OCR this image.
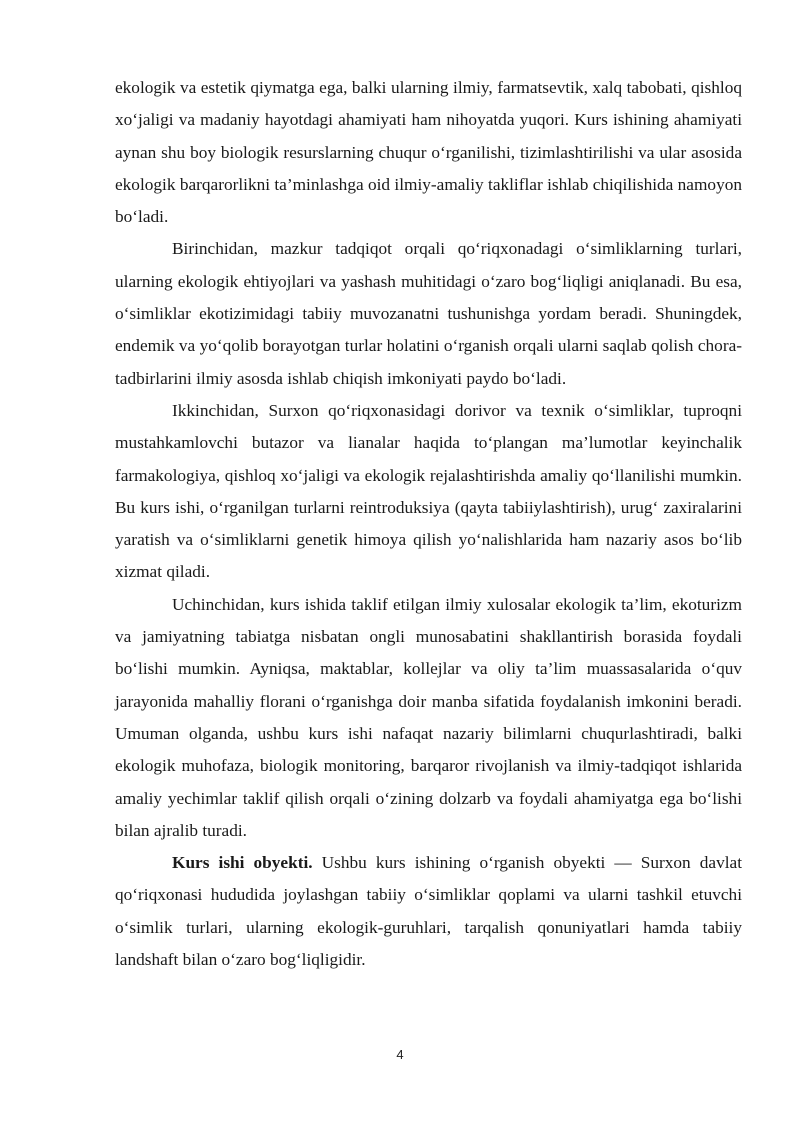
ekologik va estetik qiymatga ega, balki ularning ilmiy, farmatsevtik, xalq tabobati, qishloq xo‘jaligi va madaniy hayotdagi ahamiyati ham nihoyatda yuqori. Kurs ishining ahamiyati aynan shu boy biologik resurslarning chuqur o‘rganilishi, tizimlashtirilishi va ular asosida ekologik barqarorlikni ta’minlashga oid ilmiy-amaliy takliflar ishlab chiqilishida namoyon bo‘ladi.

Birinchidan, mazkur tadqiqot orqali qo‘riqxonadagi o‘simliklarning turlari, ularning ekologik ehtiyojlari va yashash muhitidagi o‘zaro bog‘liqligi aniqlanadi. Bu esa, o‘simliklar ekotizimidagi tabiiy muvozanatni tushunishga yordam beradi. Shuningdek, endemik va yo‘qolib borayotgan turlar holatini o‘rganish orqali ularni saqlab qolish chora-tadbirlarini ilmiy asosda ishlab chiqish imkoniyati paydo bo‘ladi.

Ikkinchidan, Surxon qo‘riqxonasidagi dorivor va texnik o‘simliklar, tuproqni mustahkamlovchi butazor va lianalar haqida to‘plangan ma’lumotlar keyinchalik farmakologiya, qishloq xo‘jaligi va ekologik rejalashtirishda amaliy qo‘llanilishi mumkin. Bu kurs ishi, o‘rganilgan turlarni reintroduksiya (qayta tabiiylashtirish), urug‘ zaxiralarini yaratish va o‘simliklarni genetik himoya qilish yo‘nalishlarida ham nazariy asos bo‘lib xizmat qiladi.

Uchinchidan, kurs ishida taklif etilgan ilmiy xulosalar ekologik ta’lim, ekoturizm va jamiyatning tabiatga nisbatan ongli munosabatini shakllantirish borasida foydali bo‘lishi mumkin. Ayniqsa, maktablar, kollejlar va oliy ta’lim muassasalarida o‘quv jarayonida mahalliy florani o‘rganishga doir manba sifatida foydalanish imkonini beradi. Umuman olganda, ushbu kurs ishi nafaqat nazariy bilimlarni chuqurlashtiradi, balki ekologik muhofaza, biologik monitoring, barqaror rivojlanish va ilmiy-tadqiqot ishlarida amaliy yechimlar taklif qilish orqali o‘zining dolzarb va foydali ahamiyatga ega bo‘lishi bilan ajralib turadi.

Kurs ishi obyekti. Ushbu kurs ishining o‘rganish obyekti — Surxon davlat qo‘riqxonasi hududida joylashgan tabiiy o‘simliklar qoplami va ularni tashkil etuvchi o‘simlik turlari, ularning ekologik-guruhlari, tarqalish qonuniyatlari hamda tabiiy landshaft bilan o‘zaro bog‘liqligidir.

4
